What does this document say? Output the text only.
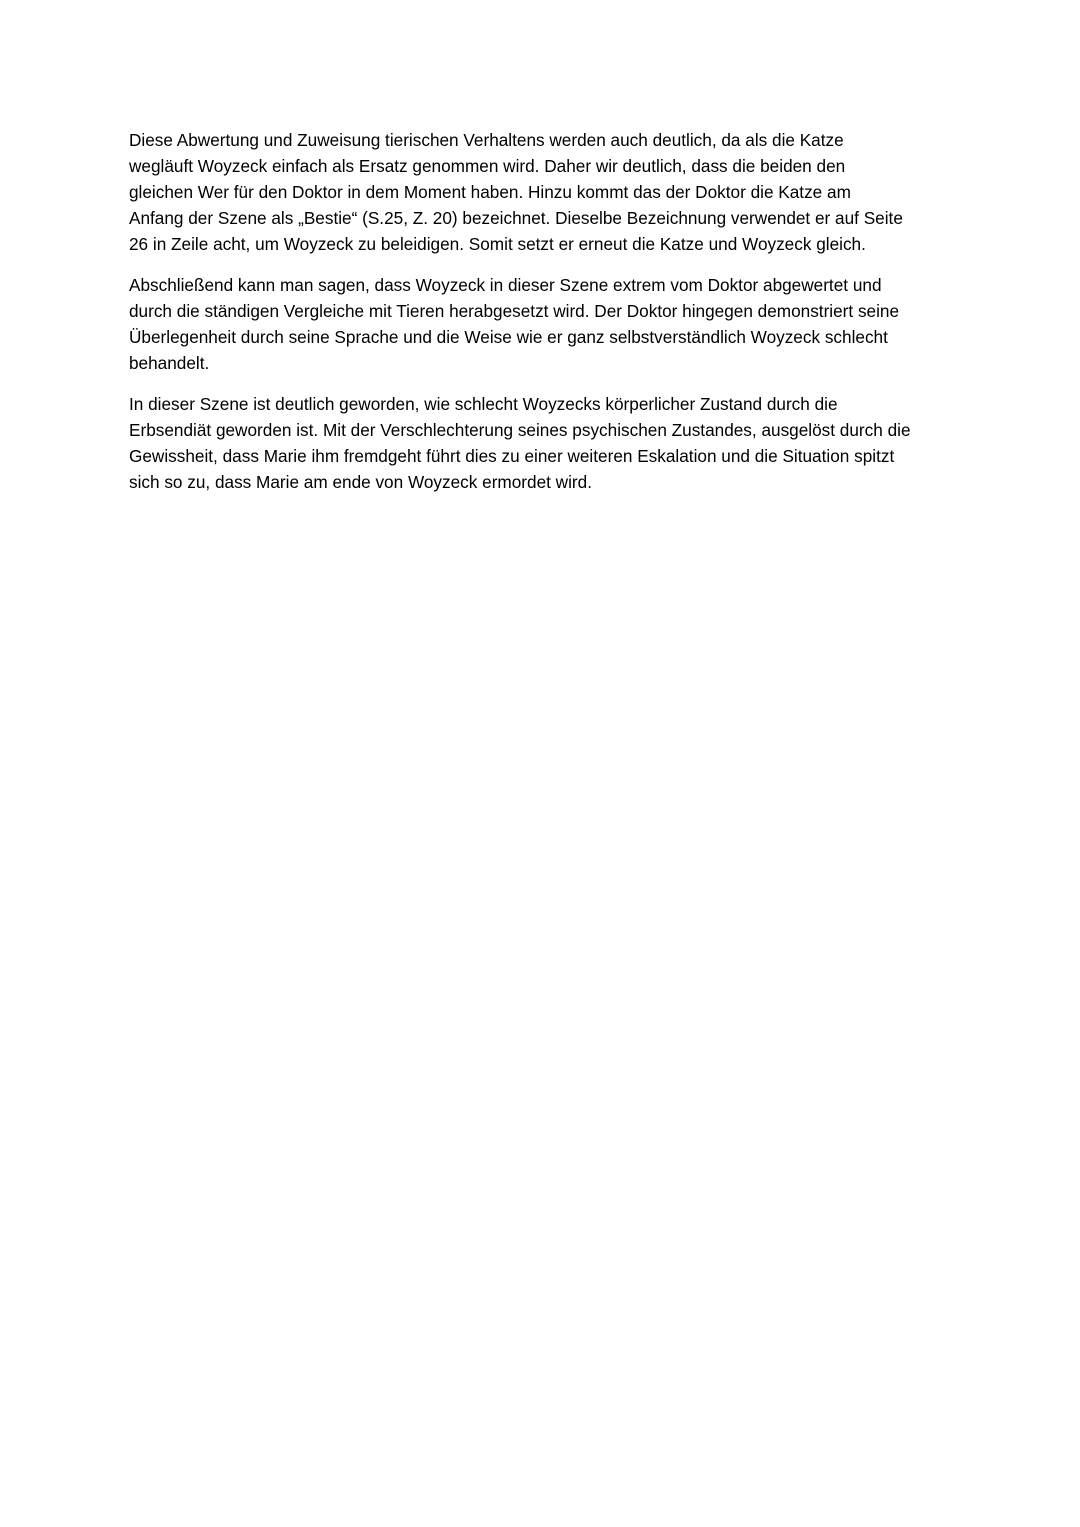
Diese Abwertung und Zuweisung tierischen Verhaltens werden auch deutlich, da als die Katze
wegläuft Woyzeck einfach als Ersatz genommen wird. Daher wir deutlich, dass die beiden den
gleichen Wer für den Doktor in dem Moment haben. Hinzu kommt das der Doktor die Katze am
Anfang der Szene als „Bestie“ (S.25, Z. 20) bezeichnet. Dieselbe Bezeichnung verwendet er auf Seite
26 in Zeile acht, um Woyzeck zu beleidigen. Somit setzt er erneut die Katze und Woyzeck gleich.

Abschließend kann man sagen, dass Woyzeck in dieser Szene extrem vom Doktor abgewertet und
durch die ständigen Vergleiche mit Tieren herabgesetzt wird. Der Doktor hingegen demonstriert seine
Überlegenheit durch seine Sprache und die Weise wie er ganz selbstverständlich Woyzeck schlecht
behandelt.

In dieser Szene ist deutlich geworden, wie schlecht Woyzecks körperlicher Zustand durch die
Erbsendiät geworden ist. Mit der Verschlechterung seines psychischen Zustandes, ausgelöst durch die
Gewissheit, dass Marie ihm fremdgeht führt dies zu einer weiteren Eskalation und die Situation spitzt
sich so zu, dass Marie am ende von Woyzeck ermordet wird.
